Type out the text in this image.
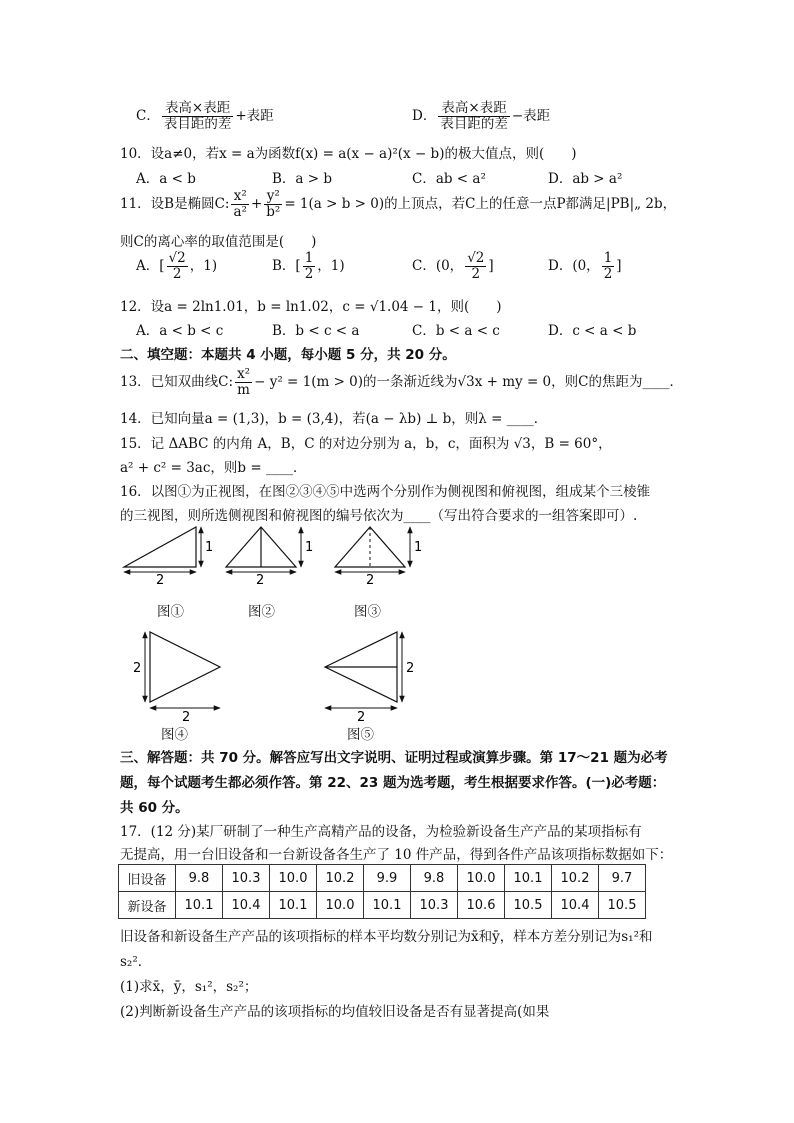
C． $\frac{\text{表高×表距}}{\text{表目距的差}}$ +表距	D． $\frac{\text{表高×表距}}{\text{表目距的差}}$ −表距
10．设a≠0，若x = a为函数f(x) = a(x − a)²(x − b)的极大值点，则(　　)
A．a < b	B．a > b	C．ab < a²	D．ab > a²
11．设B是椭圆C: $\frac{\text{x²}}{\text{a²}} + \frac{\text{y²}}{\text{b²}} = 1(a > b > 0)$的上顶点，若C上的任意一点P都满足|PB|„ 2b，
则C的离心率的取值范围是(　　)
A．[ $\frac{√2}{2}$ ，1)	B．[ $\frac{1}{2}$ ，1)	C．(0， $\frac{√2}{2}$ ]	D．(0， $\frac{1}{2}$ ]
12．设a = 2ln1.01，b = ln1.02，c = √1.04 − 1，则(　　)
A．a < b < c	B．b < c < a	C．b < a < c	D．c < a < b
二、填空题：本题共 4 小题，每小题 5 分，共 20 分。
13．已知双曲线C: $\frac{\text{x²}}{m} - y^2 = 1(m > 0)$的一条渐近线为√3x + my = 0，则C的焦距为____．
14．已知向量a = (1,3)，b = (3,4)，若(a − λb) ⊥ b，则λ = ____．
15．记 ΔABC 的内角 A，B，C 的对边分别为 a，b，c，面积为 √3，B = 60°，
a² + c² = 3ac，则b = ____．
16．以图①为正视图，在图②③④⑤中选两个分别作为侧视图和俯视图，组成某个三棱锥
的三视图，则所选侧视图和俯视图的编号依次为____（写出符合要求的一组答案即可）.
2
1
2
1
2
1
2
2
2
2
图①	图②	图③
图④	图⑤
三、解答题：共 70 分。解答应写出文字说明、证明过程或演算步骤。第 17～21 题为必考
题，每个试题考生都必须作答。第 22、23 题为选考题，考生根据要求作答。(一)必考题：
共 60 分。
17．(12 分)某厂研制了一种生产高精产品的设备，为检验新设备生产产品的某项指标有
无提高，用一台旧设备和一台新设备各生产了 10 件产品，得到各件产品该项指标数据如下：
旧设备	9.8	10.3	10.0	10.2	9.9	9.8	10.0	10.1	10.2	9.7
新设备	10.1	10.4	10.1	10.0	10.1	10.3	10.6	10.5	10.4	10.5
旧设备和新设备生产产品的该项指标的样本平均数分别记为x̄和ȳ，样本方差分别记为s₁²和
s₂²．
(1)求x̄，ȳ，s₁²，s₂²；
(2)判断新设备生产产品的该项指标的均值较旧设备是否有显著提高(如果
